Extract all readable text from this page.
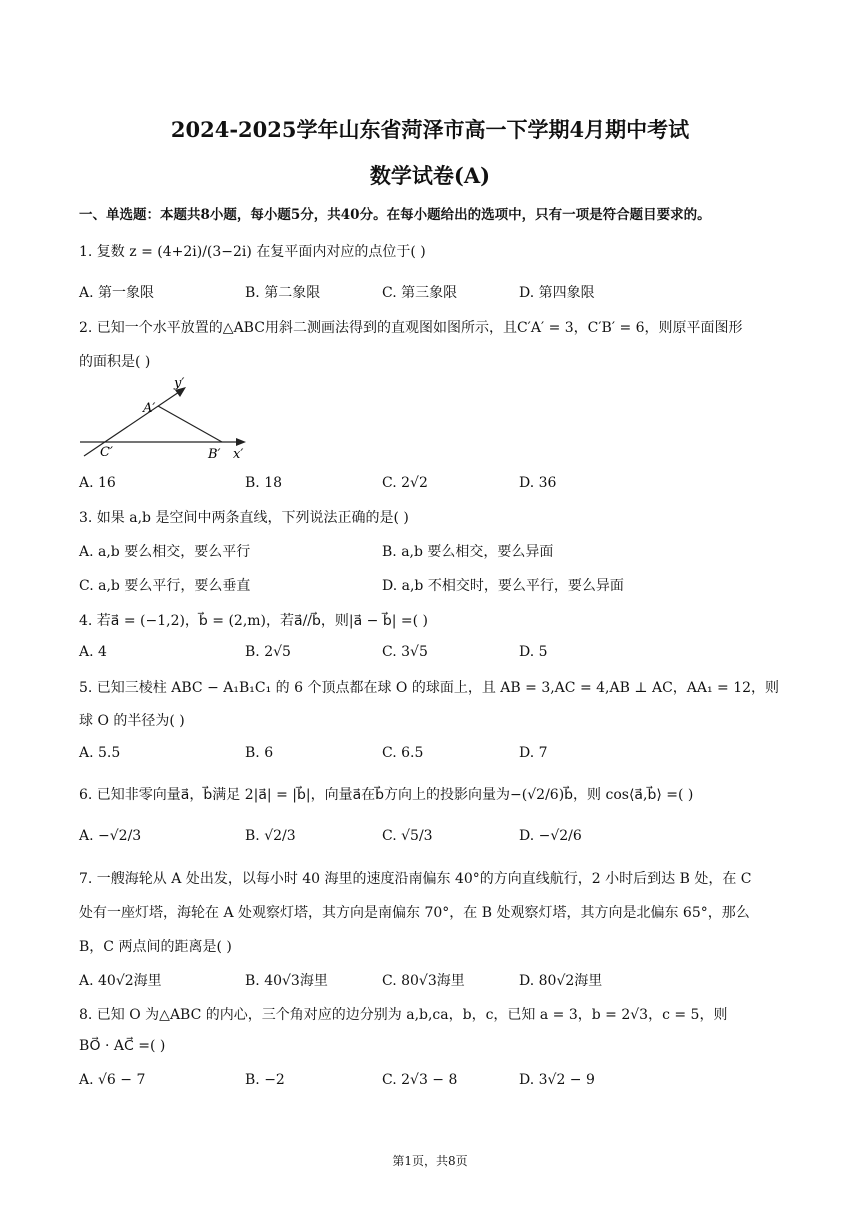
2024-2025学年山东省菏泽市高一下学期4月期中考试
数学试卷(A)
一、单选题：本题共8小题，每小题5分，共40分。在每小题给出的选项中，只有一项是符合题目要求的。
1. 复数 z = (4+2i)/(3−2i) 在复平面内对应的点位于( )
A. 第一象限	B. 第二象限	C. 第三象限	D. 第四象限
2. 已知一个水平放置的△ABC用斜二测画法得到的直观图如图所示，且C′A′ = 3，C′B′ = 6，则原平面图形
的面积是( )
y′
A′
C′	B′ x′
A. 16	B. 18	C. 2√2	D. 36
3. 如果 a,b 是空间中两条直线，下列说法正确的是( )
A. a,b 要么相交，要么平行	B. a,b 要么相交，要么异面
C. a,b 要么平行，要么垂直	D. a,b 不相交时，要么平行，要么异面
4. 若a⃗ = (−1,2)，b⃗ = (2,m)，若a⃗//b⃗，则|a⃗ − b⃗| =( )
A. 4	B. 2√5	C. 3√5	D. 5
5. 已知三棱柱 ABC − A₁B₁C₁ 的 6 个顶点都在球 O 的球面上，且 AB = 3,AC = 4,AB ⊥ AC，AA₁ = 12，则
球 O 的半径为( )
A. 5.5	B. 6	C. 6.5	D. 7
6. 已知非零向量a⃗，b⃗满足 2|a⃗| = |b⃗|，向量a⃗在b⃗方向上的投影向量为−(√2/6)b⃗，则 cos⟨a⃗,b⃗⟩ =( )
A. −√2/3	B. √2/3	C. √5/3	D. −√2/6
7. 一艘海轮从 A 处出发，以每小时 40 海里的速度沿南偏东 40°的方向直线航行，2 小时后到达 B 处，在 C
处有一座灯塔，海轮在 A 处观察灯塔，其方向是南偏东 70°，在 B 处观察灯塔，其方向是北偏东 65°，那么
B，C 两点间的距离是( )
A. 40√2海里	B. 40√3海里	C. 80√3海里	D. 80√2海里
8. 已知 O 为△ABC 的内心，三个角对应的边分别为 a,b,ca，b，c，已知 a = 3，b = 2√3，c = 5，则
BO⃗ · AC⃗ =( )
A. √6 − 7	B. −2	C. 2√3 − 8	D. 3√2 − 9
第1页，共8页
